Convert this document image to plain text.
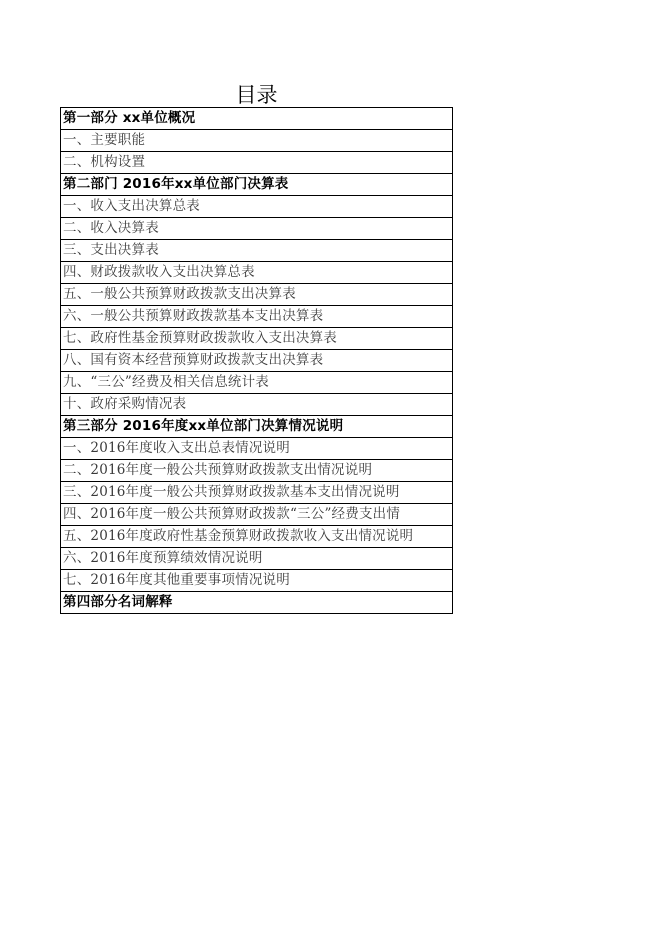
目录
第一部分 xx单位概况
一、主要职能
二、机构设置
第二部门 2016年xx单位部门决算表
一、收入支出决算总表
二、收入决算表
三、支出决算表
四、财政拨款收入支出决算总表
五、一般公共预算财政拨款支出决算表
六、一般公共预算财政拨款基本支出决算表
七、政府性基金预算财政拨款收入支出决算表
八、国有资本经营预算财政拨款支出决算表
九、“三公”经费及相关信息统计表
十、政府采购情况表
第三部分 2016年度xx单位部门决算情况说明
一、2016年度收入支出总表情况说明
二、2016年度一般公共预算财政拨款支出情况说明
三、2016年度一般公共预算财政拨款基本支出情况说明
四、2016年度一般公共预算财政拨款“三公”经费支出情
五、2016年度政府性基金预算财政拨款收入支出情况说明
六、2016年度预算绩效情况说明
七、2016年度其他重要事项情况说明
第四部分名词解释
